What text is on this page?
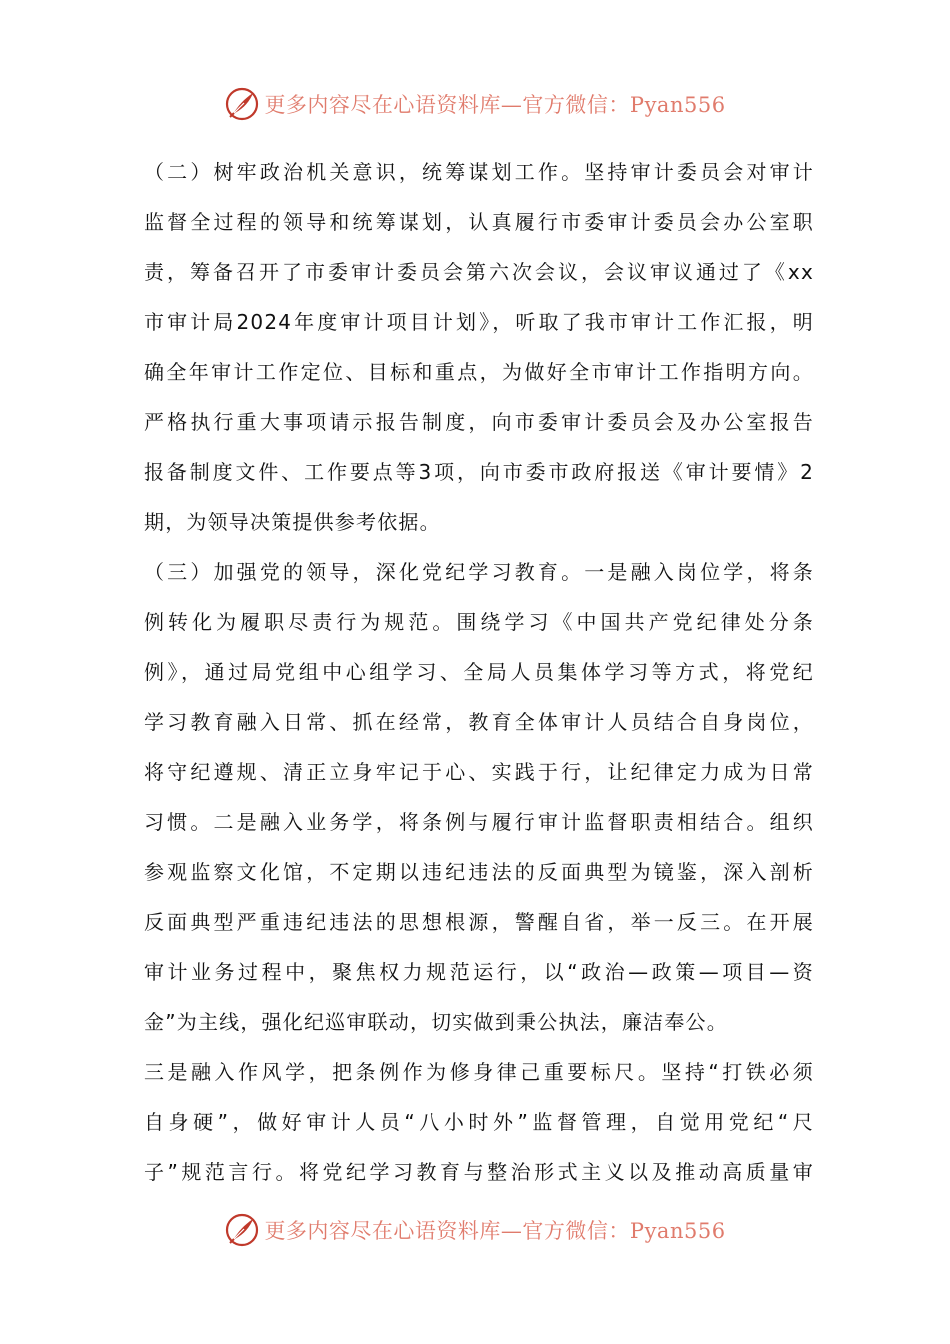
更多内容尽在心语资料库—官方微信：Pyan556
（二）树牢政治机关意识，统筹谋划工作。坚持审计委员会对审计
监督全过程的领导和统筹谋划，认真履行市委审计委员会办公室职
责，筹备召开了市委审计委员会第六次会议，会议审议通过了《xx
市审计局2024年度审计项目计划》，听取了我市审计工作汇报，明
确全年审计工作定位、目标和重点，为做好全市审计工作指明方向。
严格执行重大事项请示报告制度，向市委审计委员会及办公室报告
报备制度文件、工作要点等3项，向市委市政府报送《审计要情》2
期，为领导决策提供参考依据。
（三）加强党的领导，深化党纪学习教育。一是融入岗位学，将条
例转化为履职尽责行为规范。围绕学习《中国共产党纪律处分条
例》，通过局党组中心组学习、全局人员集体学习等方式，将党纪
学习教育融入日常、抓在经常，教育全体审计人员结合自身岗位，
将守纪遵规、清正立身牢记于心、实践于行，让纪律定力成为日常
习惯。二是融入业务学，将条例与履行审计监督职责相结合。组织
参观监察文化馆，不定期以违纪违法的反面典型为镜鉴，深入剖析
反面典型严重违纪违法的思想根源，警醒自省，举一反三。在开展
审计业务过程中，聚焦权力规范运行，以“政治—政策—项目—资
金”为主线，强化纪巡审联动，切实做到秉公执法，廉洁奉公。
三是融入作风学，把条例作为修身律己重要标尺。坚持“打铁必须
自身硬”，做好审计人员“八小时外”监督管理，自觉用党纪“尺
子”规范言行。将党纪学习教育与整治形式主义以及推动高质量审
更多内容尽在心语资料库—官方微信：Pyan556
